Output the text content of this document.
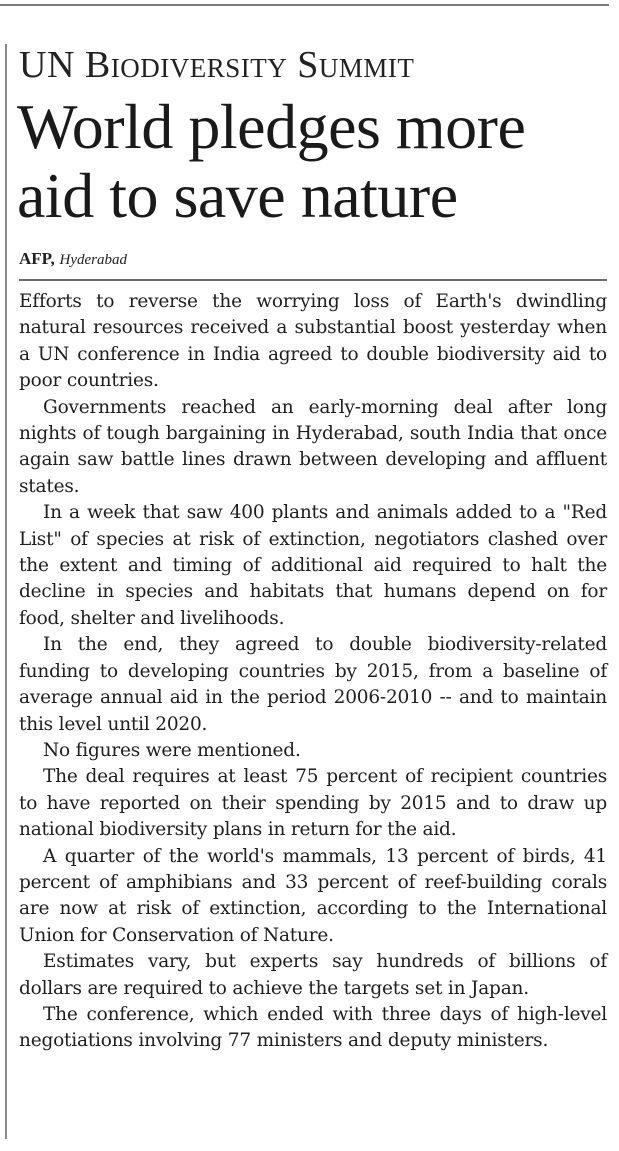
UN Biodiversity Summit
World pledges more aid to save nature
AFP, Hyderabad

Efforts to reverse the worrying loss of Earth's dwindling natural resources received a substantial boost yesterday when a UN conference in India agreed to double biodiversity aid to poor countries.

Governments reached an early-morning deal after long nights of tough bargaining in Hyderabad, south India that once again saw battle lines drawn between developing and affluent states.

In a week that saw 400 plants and animals added to a "Red List" of species at risk of extinction, negotiators clashed over the extent and timing of additional aid required to halt the decline in species and habitats that humans depend on for food, shelter and livelihoods.

In the end, they agreed to double biodiversity-related funding to developing countries by 2015, from a baseline of average annual aid in the period 2006-2010 -- and to maintain this level until 2020.

No figures were mentioned.

The deal requires at least 75 percent of recipient countries to have reported on their spending by 2015 and to draw up national biodiversity plans in return for the aid.

A quarter of the world's mammals, 13 percent of birds, 41 percent of amphibians and 33 percent of reef-building corals are now at risk of extinction, according to the International Union for Conservation of Nature.

Estimates vary, but experts say hundreds of billions of dollars are required to achieve the targets set in Japan.

The conference, which ended with three days of high-level negotiations involving 77 ministers and deputy ministers.
